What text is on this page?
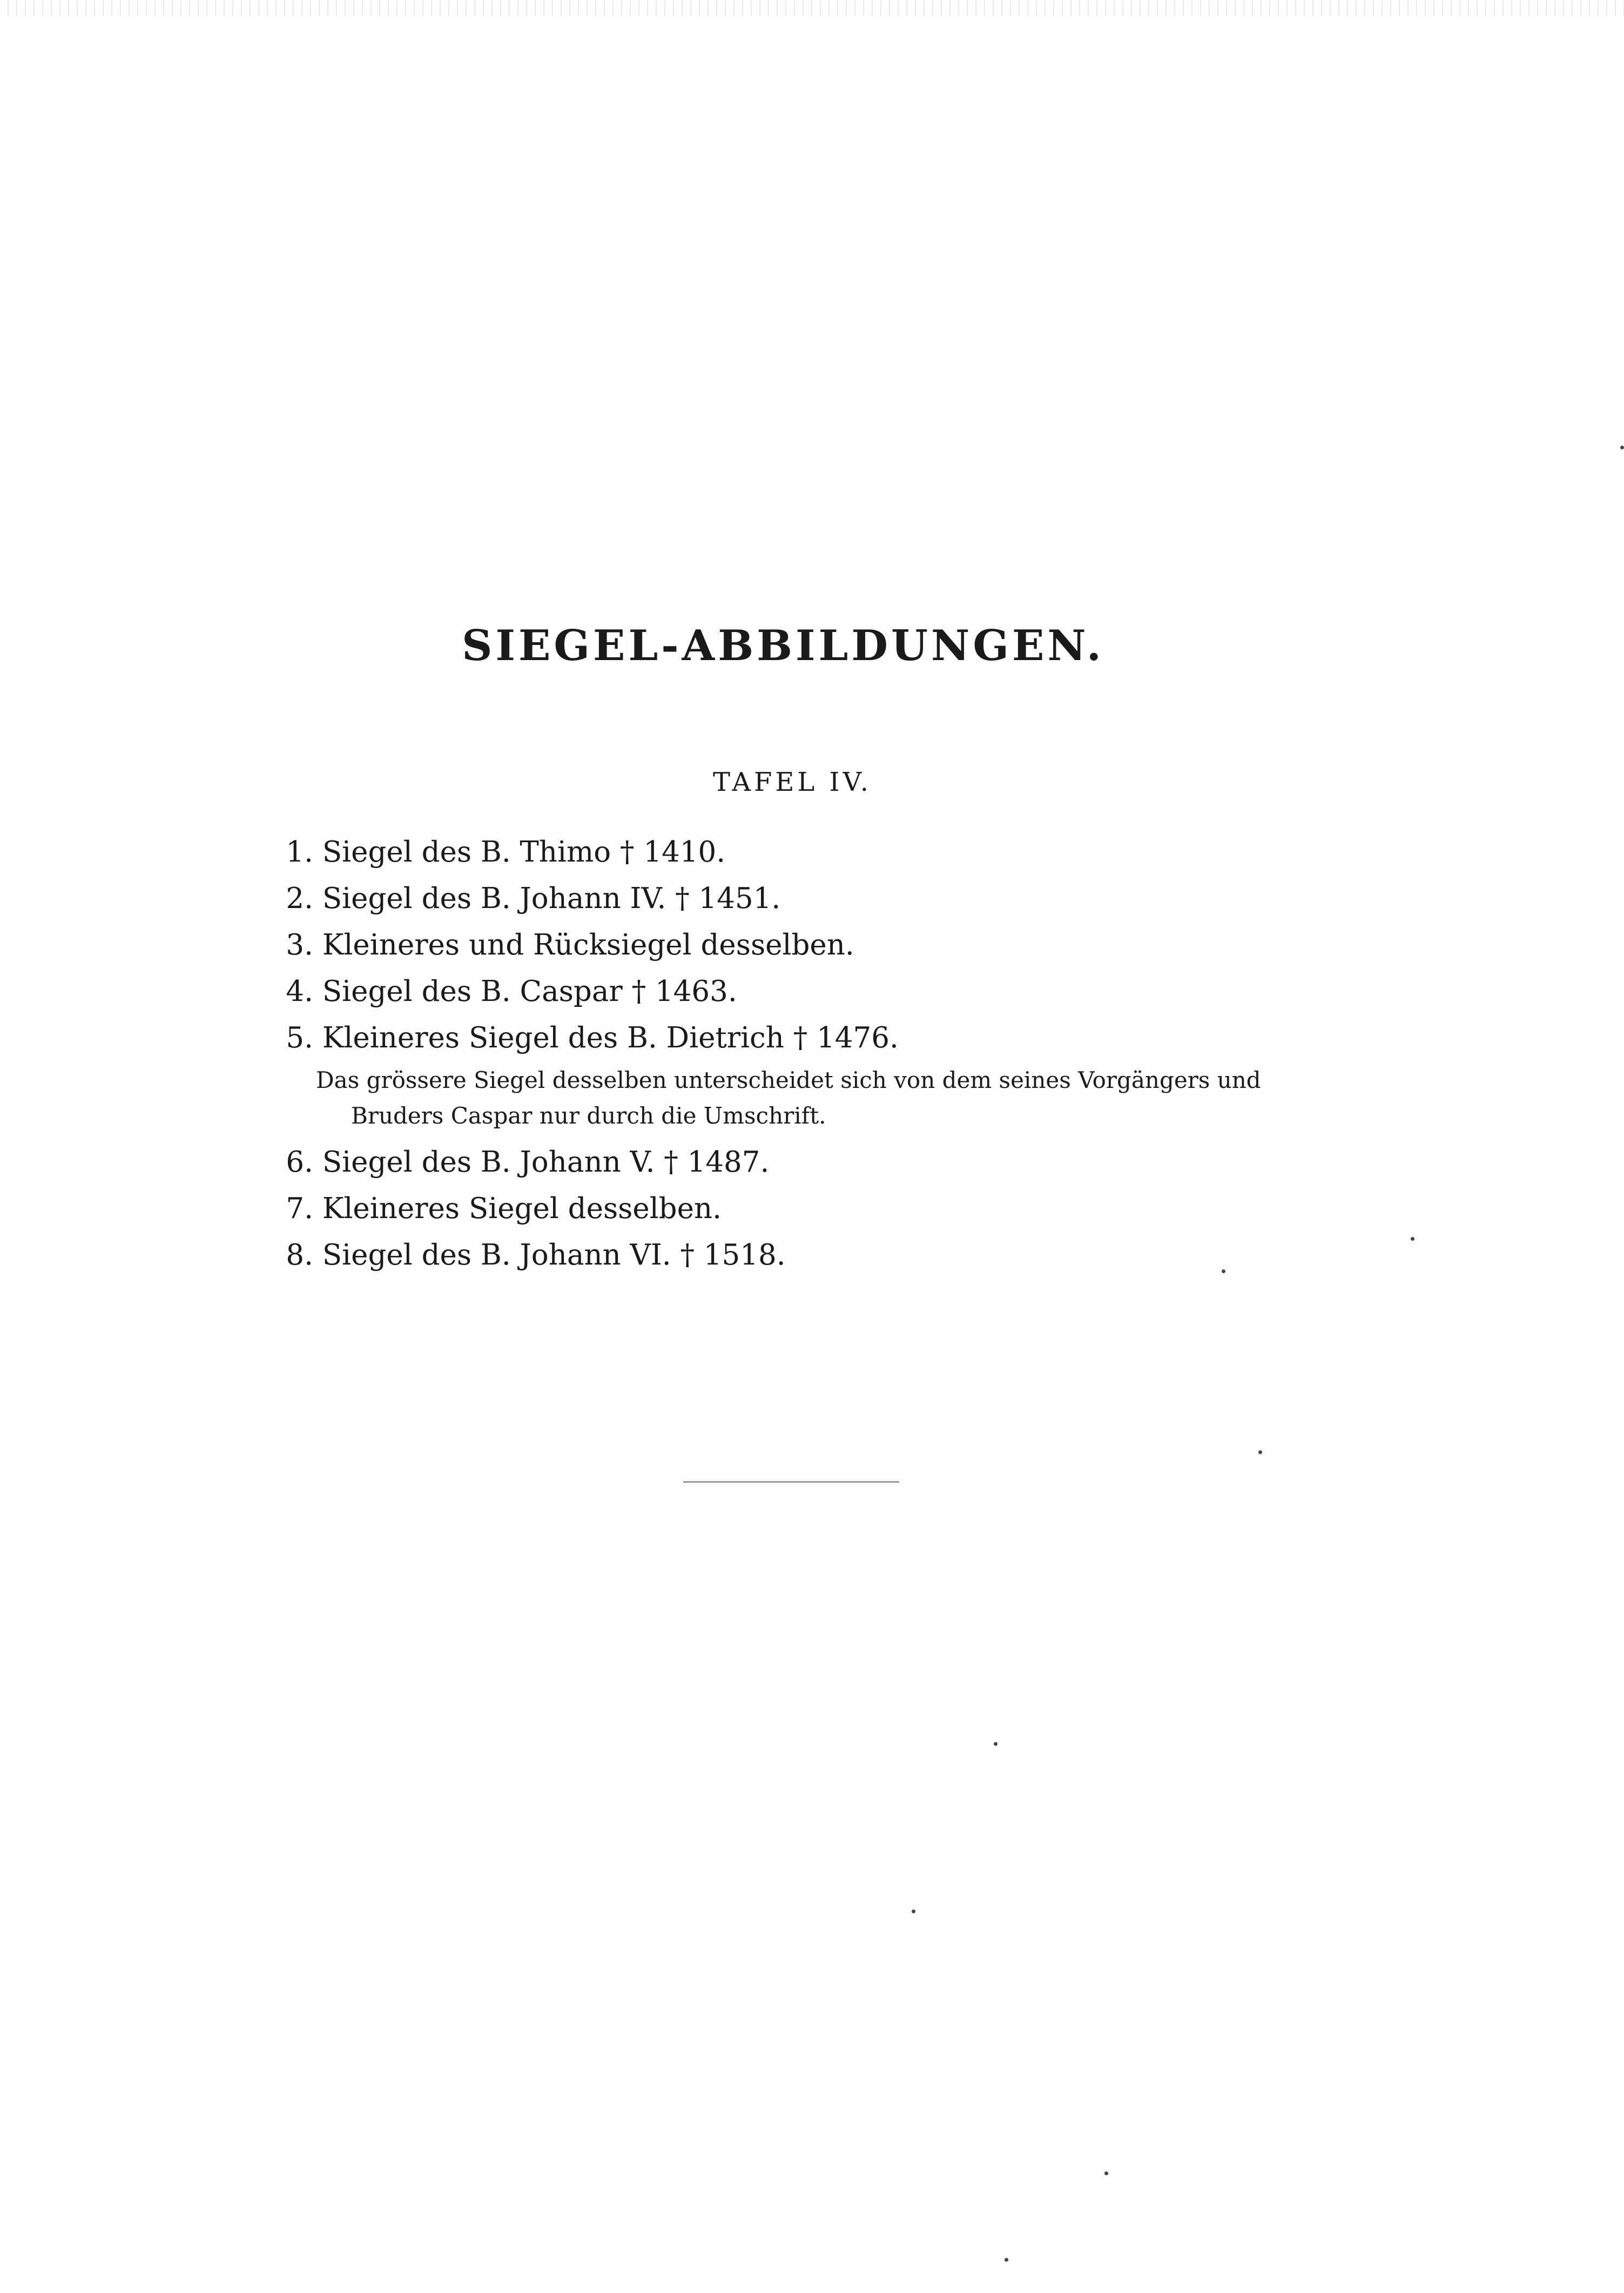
SIEGEL-ABBILDUNGEN.
TAFEL IV.
1. Siegel des B. Thimo † 1410.
2. Siegel des B. Johann IV. † 1451.
3. Kleineres und Rücksiegel desselben.
4. Siegel des B. Caspar † 1463.
5. Kleineres Siegel des B. Dietrich † 1476.
Das grössere Siegel desselben unterscheidet sich von dem seines Vorgängers und
Bruders Caspar nur durch die Umschrift.
6. Siegel des B. Johann V. † 1487.
7. Kleineres Siegel desselben.
8. Siegel des B. Johann VI. † 1518.
